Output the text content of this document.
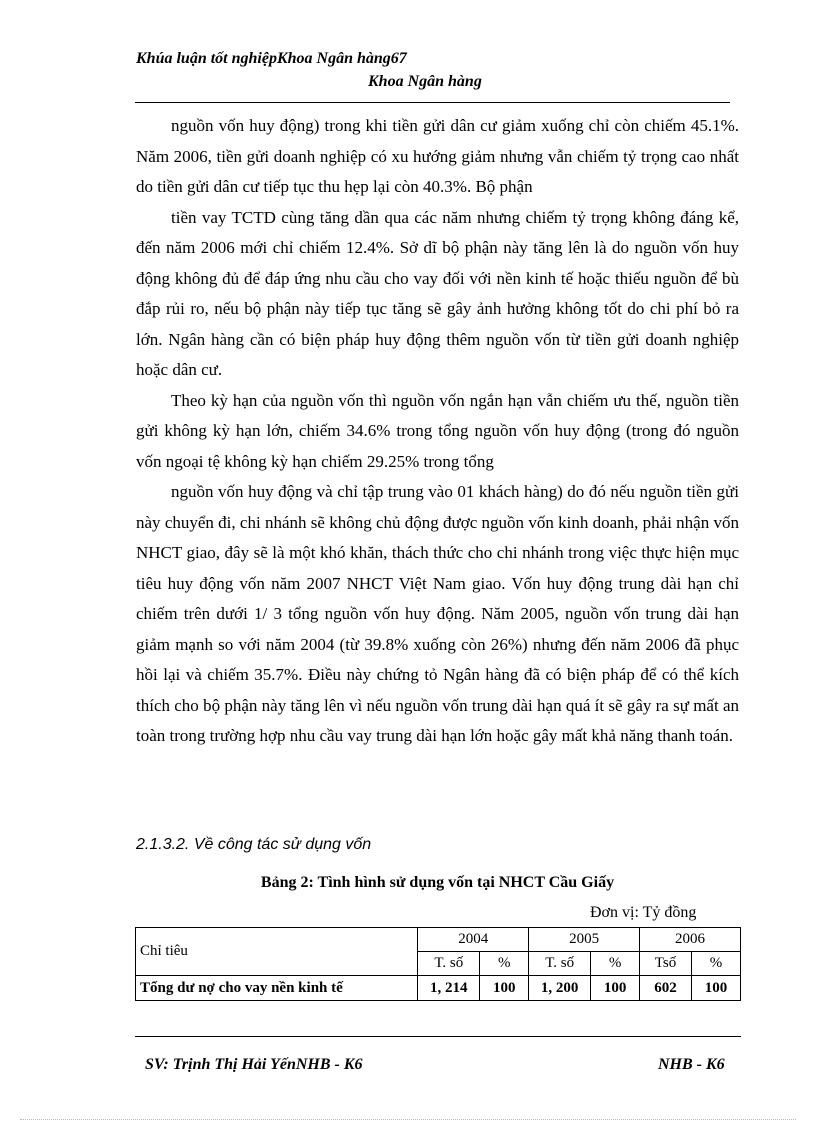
Khúa luận tốt nghiệpKhoa Ngân hàng67
Khoa Ngân hàng

nguồn vốn huy động) trong khi tiền gửi dân cư giảm xuống chỉ còn chiếm 45.1%. Năm 2006, tiền gửi doanh nghiệp có xu hướng giảm nhưng vẫn chiếm tỷ trọng cao nhất do tiền gửi dân cư tiếp tục thu hẹp lại còn 40.3%. Bộ phận

tiền vay TCTD cùng tăng dần qua các năm nhưng chiếm tỷ trọng không đáng kể, đến năm 2006 mới chỉ chiếm 12.4%. Sở dĩ bộ phận này tăng lên là do nguồn vốn huy động không đủ để đáp ứng nhu cầu cho vay đối với nền kinh tế hoặc thiếu nguồn để bù đắp rủi ro, nếu bộ phận này tiếp tục tăng sẽ gây ảnh hưởng không tốt do chi phí bỏ ra lớn. Ngân hàng cần có biện pháp huy động thêm nguồn vốn từ tiền gửi doanh nghiệp hoặc dân cư.

Theo kỳ hạn của nguồn vốn thì nguồn vốn ngắn hạn vẫn chiếm ưu thế, nguồn tiền gửi không kỳ hạn lớn, chiếm 34.6% trong tổng nguồn vốn huy động (trong đó nguồn vốn ngoại tệ không kỳ hạn chiếm 29.25% trong tổng

nguồn vốn huy động và chỉ tập trung vào 01 khách hàng) do đó nếu nguồn tiền gửi này chuyển đi, chi nhánh sẽ không chủ động được nguồn vốn kinh doanh, phải nhận vốn NHCT giao, đây sẽ là một khó khăn, thách thức cho chi nhánh trong việc thực hiện mục tiêu huy động vốn năm 2007 NHCT Việt Nam giao. Vốn huy động trung dài hạn chỉ chiếm trên dưới 1/ 3 tổng nguồn vốn huy động. Năm 2005, nguồn vốn trung dài hạn giảm mạnh so với năm 2004 (từ 39.8% xuống còn 26%) nhưng đến năm 2006 đã phục hồi lại và chiếm 35.7%. Điều này chứng tỏ Ngân hàng đã có biện pháp để có thể kích thích cho bộ phận này tăng lên vì nếu nguồn vốn trung dài hạn quá ít sẽ gây ra sự mất an toàn trong trường hợp nhu cầu vay trung dài hạn lớn hoặc gây mất khả năng thanh toán.

2.1.3.2. Về công tác sử dụng vốn
Bảng 2: Tình hình sử dụng vốn tại NHCT Cầu Giấy
Đơn vị: Tỷ đồng
Chỉ tiêu	2004		2005		2006	
	T. số	%	T. số	%	Tsố	%
Tổng dư nợ cho vay nền kinh tế	1, 214	100	1, 200	100	602	100
SV: Trịnh Thị Hải YếnNHB - K6	NHB - K6
